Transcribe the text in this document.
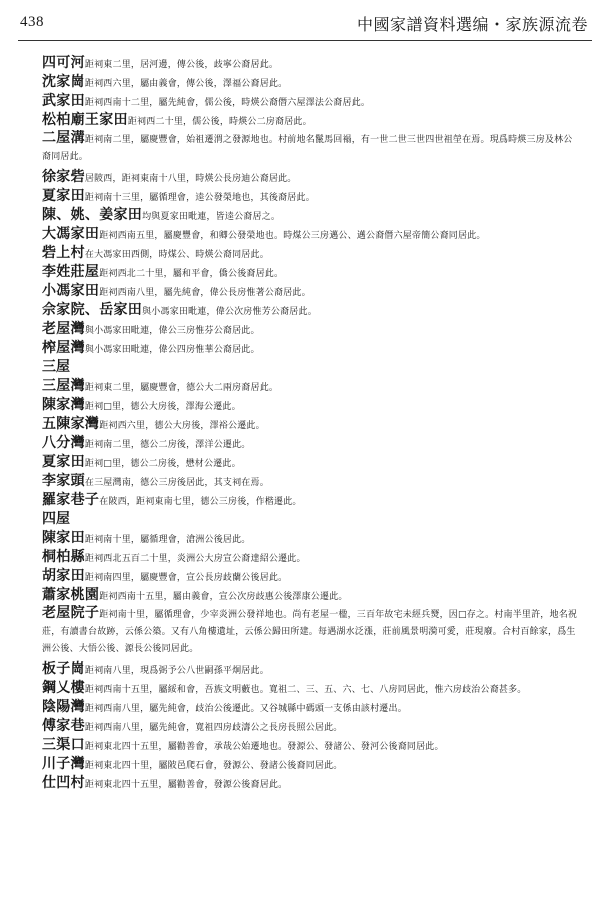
438	中國家譜資料選编・家族源流卷
四可河距祠東二里，居河邊，傳公後，歧寧公裔居此。
沈家崗距祠西六里，屬由義會，傳公後，澤福公裔居此。
武家田距祠西南十二里，屬先純會，儒公後，時煐公裔僭六屋澤法公裔居此。
松柏廟王家田距祠西二十里，儒公後，時煐公二房裔居此。
二屋溝距祠南二里，屬慶豐會，始祖遷渭之發源地也。村前地名鬣馬回褟，有一世二世三世四世祖塋在焉。現爲時煐三房及林公裔同居此。
徐家砦居陂西，距祠東南十八里，時煐公長房迪公裔居此。
夏家田距祠南十三里，屬循理會，逵公發榮地也，其後裔居此。
陳、姚、姜家田均與夏家田毗連，皆逵公裔居之。
大馮家田距祠西南五里，屬慶豐會，和卿公發榮地也。時煤公三房邁公、邁公裔僭六屋帝簡公裔同居此。
砦上村在大馮家田西側，時煤公、時煐公裔同居此。
李姓莊屋距祠西北二十里，屬和平會，僑公後裔居此。
小馮家田距祠西南八里，屬先純會，偉公長房惟著公裔居此。
佘家院、岳家田與小馮家田毗連，偉公次房惟芳公裔居此。
老屋灣與小馮家田毗連，偉公三房惟芬公裔居此。
榨屋灣與小馮家田毗連，偉公四房惟華公裔居此。
三屋
三屋灣距祠東二里，屬慶豐會，德公大二兩房裔居此。
陳家灣距祠□里，德公大房後，澤海公遷此。
五陳家灣距祠西六里，德公大房後，澤裕公遷此。
八分灣距祠南二里，德公二房後，澤洋公遷此。
夏家田距祠□里，德公二房後，懋材公遷此。
李家頭在三屋灣南，德公三房後居此，其支祠在焉。
羅家巷子在陂西，距祠東南七里，德公三房後，作楷遷此。
四屋
陳家田距祠南十里，屬循理會，滄洲公後居此。
桐柏縣距祠西北五百二十里，炎洲公大房宣公裔達紹公遷此。
胡家田距祠南四里，屬慶豐會，宣公長房歧蘭公後居此。
蕭家桃園距祠西南十五里，屬由義會，宣公次房歧惠公後澤康公遷此。
老屋院子距祠南十里，屬循理會，少宰炎洲公發祥地也。尚有老屋一楹，三百年故宅未經兵燹，因□存之。村南半里許，地名祝莊，有讀書台故跡，云係公築。又有八角樓遺址，云係公歸田所建。每遇湖水泛漲，莊前風景明漪可愛，莊現廢。合村百餘家，爲生洲公後、大悟公後、源長公後同居此。
板子崗距祠南八里，現爲弼予公八世嗣孫平炯居此。
鋼乂樓距祠西南十五里，屬綏和會，吾族文明藪也。寬祖二、三、五、六、七、八房同居此，惟六房歧治公裔甚多。
陰陽灣距祠西南八里，屬先純會，歧治公後遷此。又谷城縣中碼頭一支係由該村遷出。
傅家巷距祠西南八里，屬先純會，寬祖四房歧濤公之長房長照公居此。
三渠口距祠東北四十五里，屬勸善會，承哉公始遷地也。發源公、發諸公、發河公後裔同居此。
川子灣距祠東北四十里，屬陂邑爬石會，發源公、發諸公後裔同居此。
仕凹村距祠東北四十五里，屬勸善會，發源公後裔居此。
